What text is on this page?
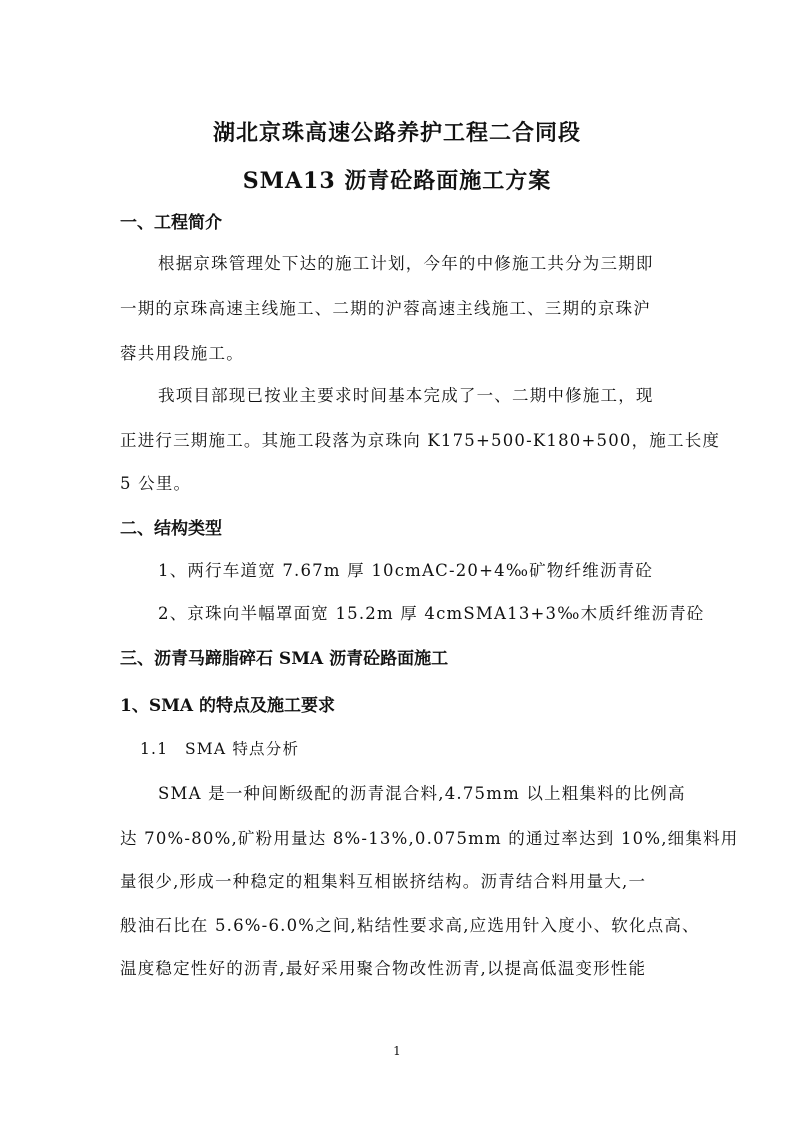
湖北京珠高速公路养护工程二合同段
SMA13 沥青砼路面施工方案
一、工程简介
根据京珠管理处下达的施工计划，今年的中修施工共分为三期即
一期的京珠高速主线施工、二期的沪蓉高速主线施工、三期的京珠沪
蓉共用段施工。
我项目部现已按业主要求时间基本完成了一、二期中修施工，现
正进行三期施工。其施工段落为京珠向 K175+500-K180+500，施工长度
5 公里。
二、结构类型
1、两行车道宽 7.67m 厚 10cmAC-20+4‰矿物纤维沥青砼
2、京珠向半幅罩面宽 15.2m 厚 4cmSMA13+3‰木质纤维沥青砼
三、沥青马蹄脂碎石 SMA 沥青砼路面施工
1、SMA 的特点及施工要求
1.1　SMA 特点分析
SMA 是一种间断级配的沥青混合料,4.75mm 以上粗集料的比例高
达 70%-80%,矿粉用量达 8%-13%,0.075mm 的通过率达到 10%,细集料用
量很少,形成一种稳定的粗集料互相嵌挤结构。沥青结合料用量大,一
般油石比在 5.6%-6.0%之间,粘结性要求高,应选用针入度小、软化点高、
温度稳定性好的沥青,最好采用聚合物改性沥青,以提高低温变形性能
1
